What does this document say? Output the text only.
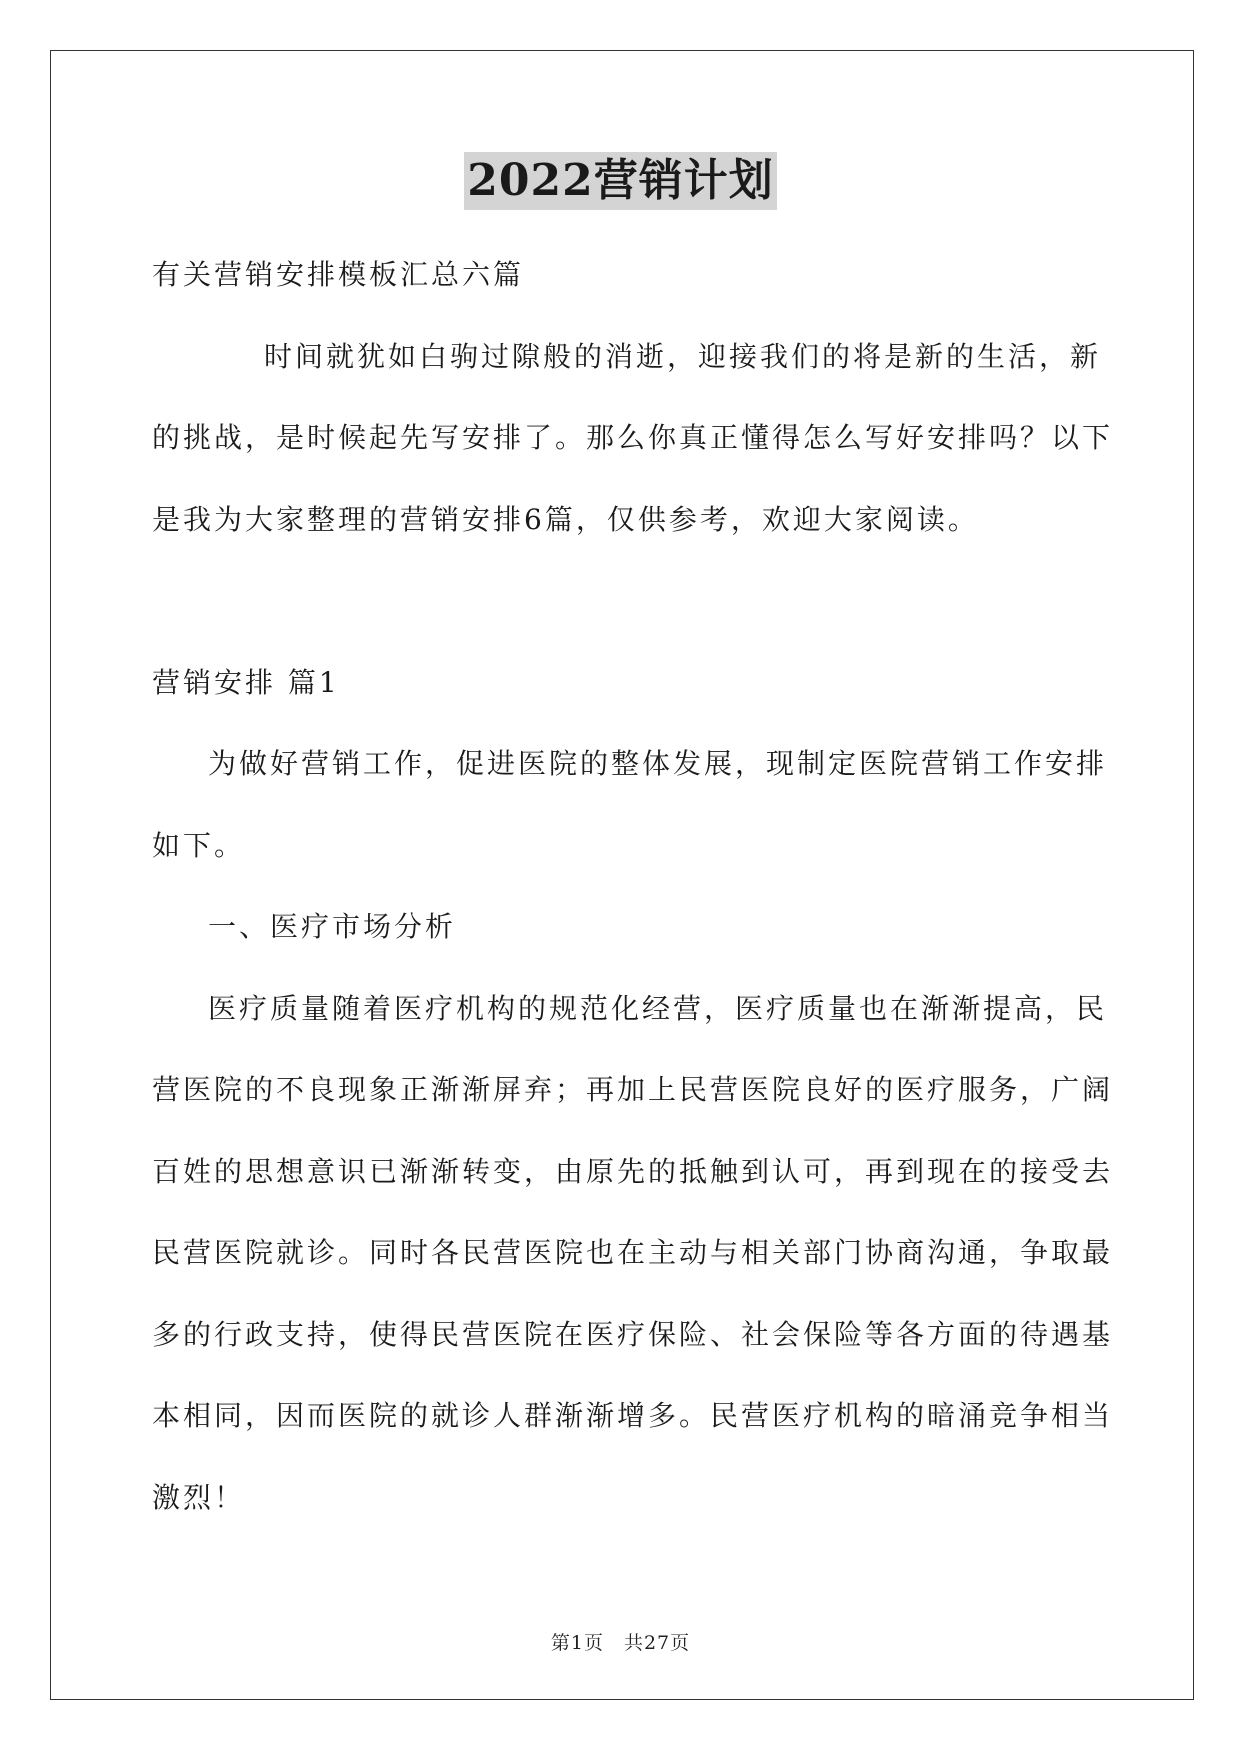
2022营销计划

有关营销安排模板汇总六篇

时间就犹如白驹过隙般的消逝，迎接我们的将是新的生活，新的挑战，是时候起先写安排了。那么你真正懂得怎么写好安排吗？以下是我为大家整理的营销安排6篇，仅供参考，欢迎大家阅读。

营销安排 篇1

为做好营销工作，促进医院的整体发展，现制定医院营销工作安排如下。

一、医疗市场分析

医疗质量随着医疗机构的规范化经营，医疗质量也在渐渐提高，民营医院的不良现象正渐渐屏弃；再加上民营医院良好的医疗服务，广阔百姓的思想意识已渐渐转变，由原先的抵触到认可，再到现在的接受去民营医院就诊。同时各民营医院也在主动与相关部门协商沟通，争取最多的行政支持，使得民营医院在医疗保险、社会保险等各方面的待遇基本相同，因而医院的就诊人群渐渐增多。民营医疗机构的暗涌竞争相当激烈！

第1页 共27页
